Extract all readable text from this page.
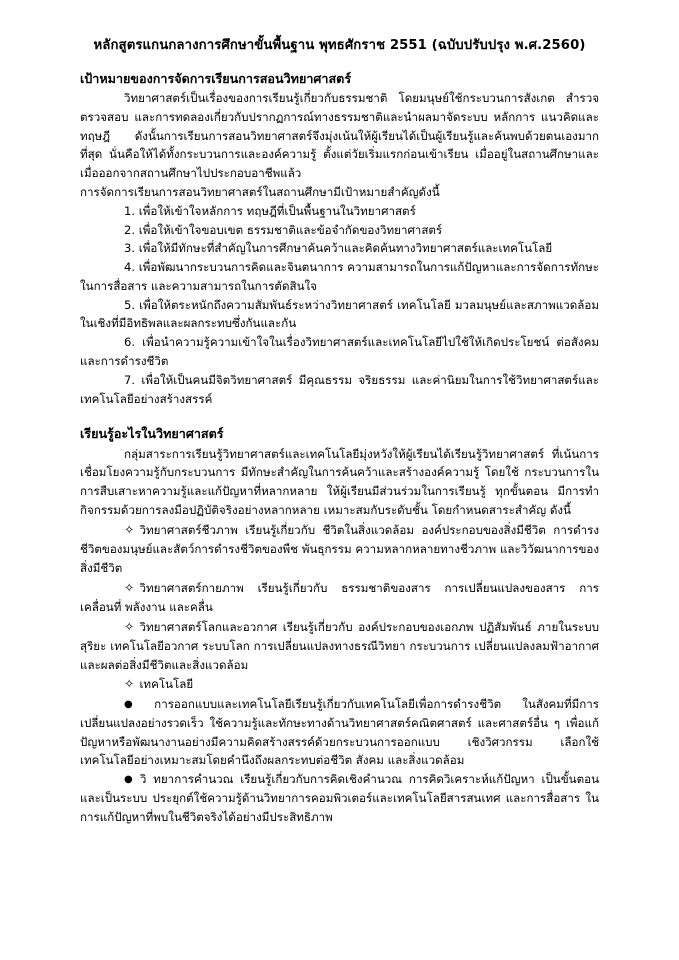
หลักสูตรแกนกลางการศึกษาขั้นพื้นฐาน พุทธศักราช 2551 (ฉบับปรับปรุง พ.ศ.2560)
เป้าหมายของการจัดการเรียนการสอนวิทยาศาสตร์

วิทยาศาสตร์เป็นเรื่องของการเรียนรู้เกี่ยวกับธรรมชาติ โดยมนุษย์ใช้กระบวนการสังเกต สำรวจตรวจสอบ และการทดลองเกี่ยวกับปรากฏการณ์ทางธรรมชาติและนำผลมาจัดระบบ หลักการ แนวคิดและทฤษฎี ดังนั้นการเรียนการสอนวิทยาศาสตร์จึงมุ่งเน้นให้ผู้เรียนได้เป็นผู้เรียนรู้และค้นพบด้วยตนเองมากที่สุด นั่นคือให้ได้ทั้งกระบวนการและองค์ความรู้ ตั้งแต่วัยเริ่มแรกก่อนเข้าเรียน เมื่ออยู่ในสถานศึกษาและเมื่อออกจากสถานศึกษาไปประกอบอาชีพแล้ว

การจัดการเรียนการสอนวิทยาศาสตร์ในสถานศึกษามีเป้าหมายสำคัญดังนี้

1. เพื่อให้เข้าใจหลักการ ทฤษฎีที่เป็นพื้นฐานในวิทยาศาสตร์

2. เพื่อให้เข้าใจขอบเขต ธรรมชาติและข้อจำกัดของวิทยาศาสตร์

3. เพื่อให้มีทักษะที่สำคัญในการศึกษาค้นคว้าและคิดค้นทางวิทยาศาสตร์และเทคโนโลยี

4. เพื่อพัฒนากระบวนการคิดและจินตนาการ ความสามารถในการแก้ปัญหาและการจัดการทักษะในการสื่อสาร และความสามารถในการตัดสินใจ

5. เพื่อให้ตระหนักถึงความสัมพันธ์ระหว่างวิทยาศาสตร์ เทคโนโลยี มวลมนุษย์และสภาพแวดล้อมในเชิงที่มีอิทธิพลและผลกระทบซึ่งกันและกัน

6. เพื่อนำความรู้ความเข้าใจในเรื่องวิทยาศาสตร์และเทคโนโลยีไปใช้ให้เกิดประโยชน์ ต่อสังคมและการดำรงชีวิต

7. เพื่อให้เป็นคนมีจิตวิทยาศาสตร์ มีคุณธรรม จริยธรรม และค่านิยมในการใช้วิทยาศาสตร์และเทคโนโลยีอย่างสร้างสรรค์

เรียนรู้อะไรในวิทยาศาสตร์

กลุ่มสาระการเรียนรู้วิทยาศาสตร์และเทคโนโลยีมุ่งหวังให้ผู้เรียนได้เรียนรู้วิทยาศาสตร์ ที่เน้นการ เชื่อมโยงความรู้กับกระบวนการ มีทักษะสำคัญในการค้นคว้าและสร้างองค์ความรู้ โดยใช้ กระบวนการในการสืบเสาะหาความรู้และแก้ปัญหาที่หลากหลาย ให้ผู้เรียนมีส่วนร่วมในการเรียนรู้ ทุกขั้นตอน มีการทำกิจกรรมด้วยการลงมือปฏิบัติจริงอย่างหลากหลาย เหมาะสมกับระดับชั้น โดยกำหนดสาระสำคัญ ดังนี้

✧  วิทยาศาสตร์ชีวภาพ เรียนรู้เกี่ยวกับ ชีวิตในสิ่งแวดล้อม องค์ประกอบของสิ่งมีชีวิต การดำรงชีวิตของมนุษย์และสัตว์การดำรงชีวิตของพืช พันธุกรรม ความหลากหลายทางชีวภาพ และวิวัฒนาการของสิ่งมีชีวิต

✧  วิทยาศาสตร์กายภาพ เรียนรู้เกี่ยวกับ ธรรมชาติของสาร การเปลี่ยนแปลงของสาร การเคลื่อนที่ พลังงาน และคลื่น

✧  วิทยาศาสตร์โลกและอวกาศ เรียนรู้เกี่ยวกับ องค์ประกอบของเอกภพ ปฏิสัมพันธ์ ภายในระบบสุริยะ เทคโนโลยีอวกาศ ระบบโลก การเปลี่ยนแปลงทางธรณีวิทยา กระบวนการ เปลี่ยนแปลงลมฟ้าอากาศ และผลต่อสิ่งมีชีวิตและสิ่งแวดล้อม

✧  เทคโนโลยี

●  การออกแบบและเทคโนโลยีเรียนรู้เกี่ยวกับเทคโนโลยีเพื่อการดำรงชีวิต ในสังคมที่มีการเปลี่ยนแปลงอย่างรวดเร็ว ใช้ความรู้และทักษะทางด้านวิทยาศาสตร์คณิตศาสตร์ และศาสตร์อื่น ๆ เพื่อแก้ปัญหาหรือพัฒนางานอย่างมีความคิดสร้างสรรค์ด้วยกระบวนการออกแบบ เชิงวิศวกรรม เลือกใช้เทคโนโลยีอย่างเหมาะสมโดยคำนึงถึงผลกระทบต่อชีวิต สังคม และสิ่งแวดล้อม

●  วิ ทยาการคำนวณ เรียนรู้เกี่ยวกับการคิดเชิงคำนวณ การคิดวิเคราะห์แก้ปัญหา เป็นขั้นตอนและเป็นระบบ ประยุกต์ใช้ความรู้ด้านวิทยาการคอมพิวเตอร์และเทคโนโลยีสารสนเทศ และการสื่อสาร ในการแก้ปัญหาที่พบในชีวิตจริงได้อย่างมีประสิทธิภาพ
